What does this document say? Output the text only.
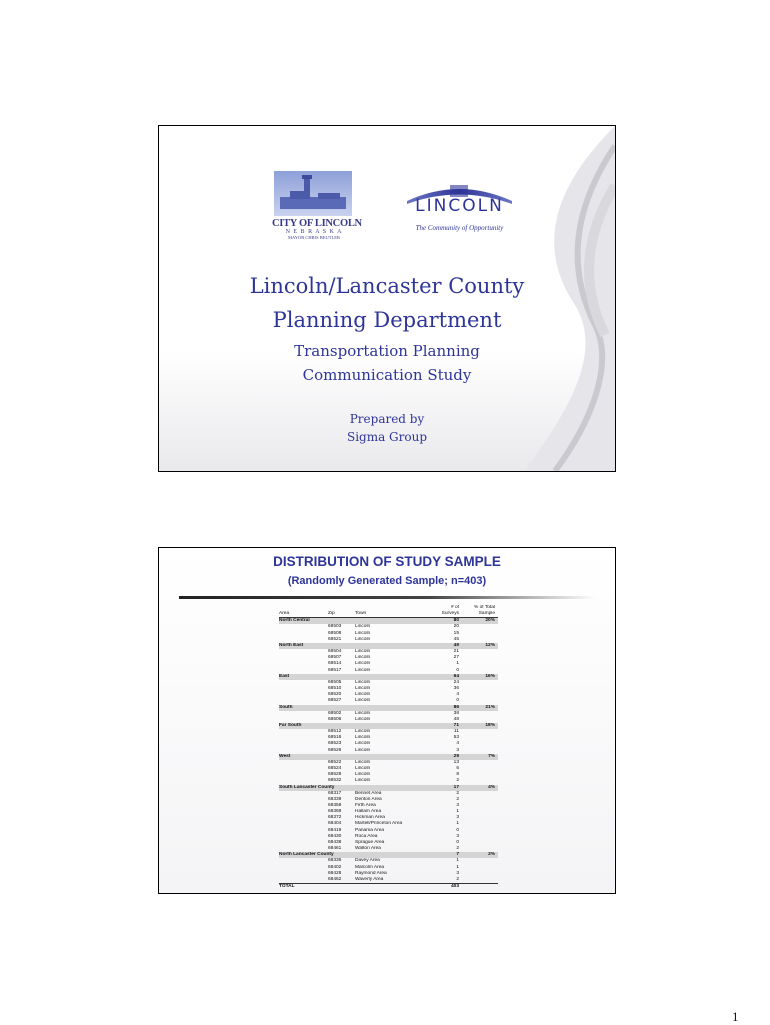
CITY OF LINCOLN
N E B R A S K A
MAYOR CHRIS BEUTLER
LINCOLN
The Community of Opportunity
Lincoln/Lancaster County
Planning Department
Transportation Planning
Communication Study
Prepared by
Sigma Group
DISTRIBUTION OF STUDY SAMPLE
(Randomly Generated Sample; n=403)
			# of	% of Total
Area	Zip	Town	Surveys	Sample
North Central			80	20%
	68503	Lincoln	20	
	68508	Lincoln	15	
	68521	Lincoln	45	
North East			49	12%
	68504	Lincoln	21	
	68507	Lincoln	27	
	68514	Lincoln	1	
	68517	Lincoln	0	
East			64	16%
	68505	Lincoln	24	
	68510	Lincoln	36	
	68520	Lincoln	4	
	68527	Lincoln	0	
South			86	21%
	68502	Lincoln	38	
	68506	Lincoln	48	
Far South			71	18%
	68512	Lincoln	11	
	68516	Lincoln	53	
	68523	Lincoln	4	
	68526	Lincoln	3	
West			29	7%
	68522	Lincoln	13	
	68524	Lincoln	6	
	68528	Lincoln	8	
	68532	Lincoln	2	
South Lancaster County			17	4%
	68317	Bennet Area	2	
	68339	Denton Area	2	
	68358	Firth Area	3	
	68368	Hallam Area	1	
	68372	Hickman Area	3	
	68404	Martell/Princeton Area	1	
	68419	Panama Area	0	
	68430	Roca Area	3	
	68438	Sprague Area	0	
	68461	Walton Area	2	
North Lancaster County			7	2%
	68336	Davey Area	1	
	68402	Malcolm Area	1	
	68428	Raymond Area	3	
	68462	Waverly Area	2	
TOTAL			403	
1
